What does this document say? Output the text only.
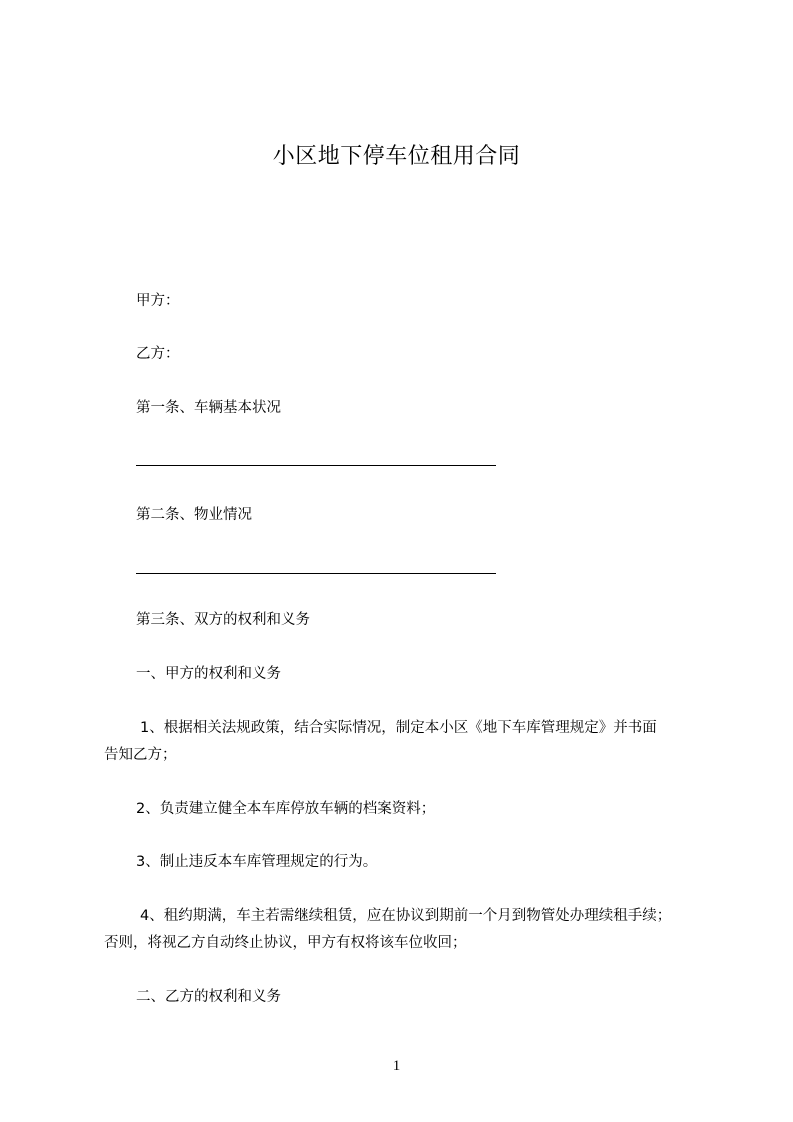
小区地下停车位租用合同
甲方：
乙方：
第一条、车辆基本状况
第二条、物业情况
第三条、双方的权利和义务
一、甲方的权利和义务
1、根据相关法规政策，结合实际情况，制定本小区《地下车库管理规定》并书面
告知乙方；
2、负责建立健全本车库停放车辆的档案资料；
3、制止违反本车库管理规定的行为。
4、租约期满，车主若需继续租赁，应在协议到期前一个月到物管处办理续租手续；
否则，将视乙方自动终止协议，甲方有权将该车位收回；
二、乙方的权利和义务
1
